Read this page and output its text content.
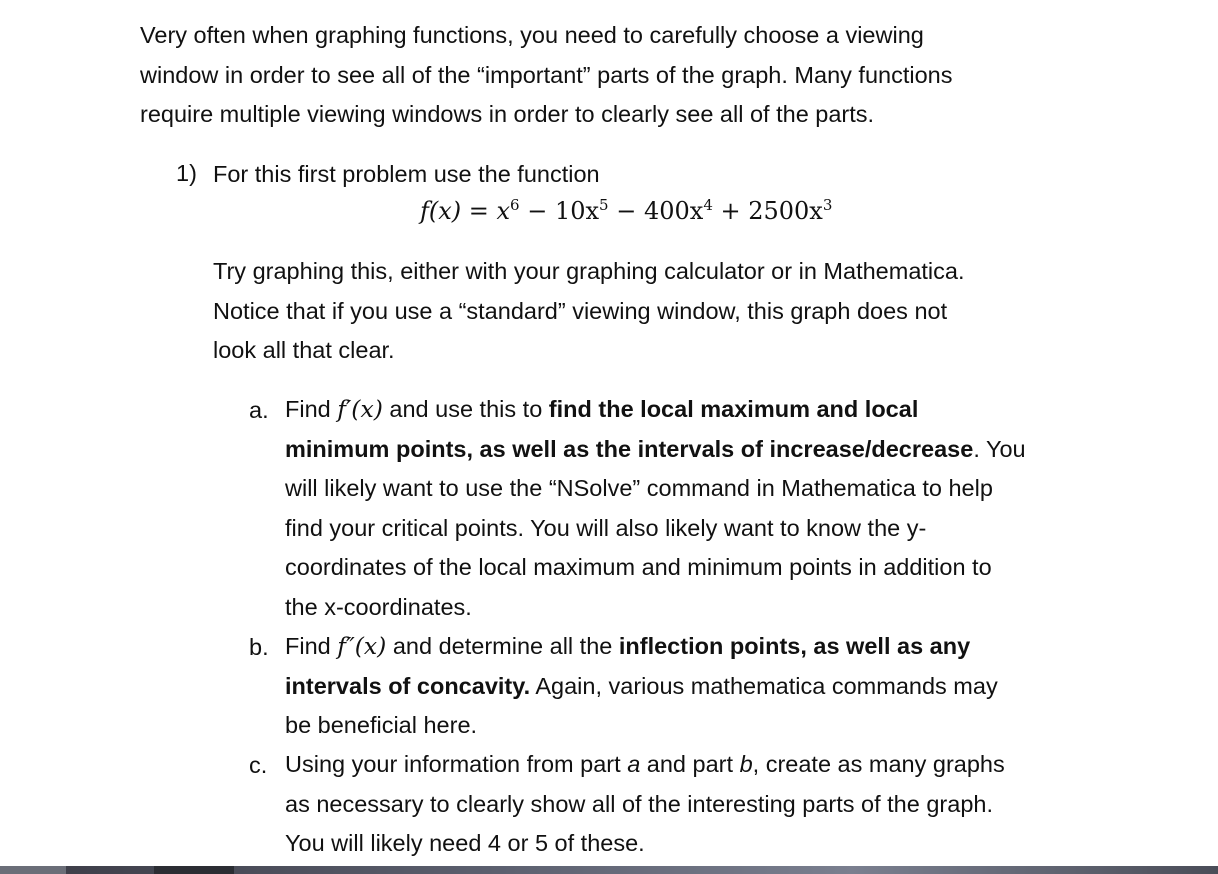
Very often when graphing functions, you need to carefully choose a viewing
window in order to see all of the “important” parts of the graph. Many functions
require multiple viewing windows in order to clearly see all of the parts.

1) For this first problem use the function
$f(x) = x^6 - 10x^5 - 400x^4 + 2500x^3$

Try graphing this, either with your graphing calculator or in Mathematica.
Notice that if you use a “standard” viewing window, this graph does not
look all that clear.

a. Find f′(x) and use this to find the local maximum and local
minimum points, as well as the intervals of increase/decrease. You
will likely want to use the “NSolve” command in Mathematica to help
find your critical points. You will also likely want to know the y-
coordinates of the local maximum and minimum points in addition to
the x-coordinates.

b. Find f″(x) and determine all the inflection points, as well as any
intervals of concavity. Again, various mathematica commands may
be beneficial here.

c. Using your information from part a and part b, create as many graphs
as necessary to clearly show all of the interesting parts of the graph.
You will likely need 4 or 5 of these.
